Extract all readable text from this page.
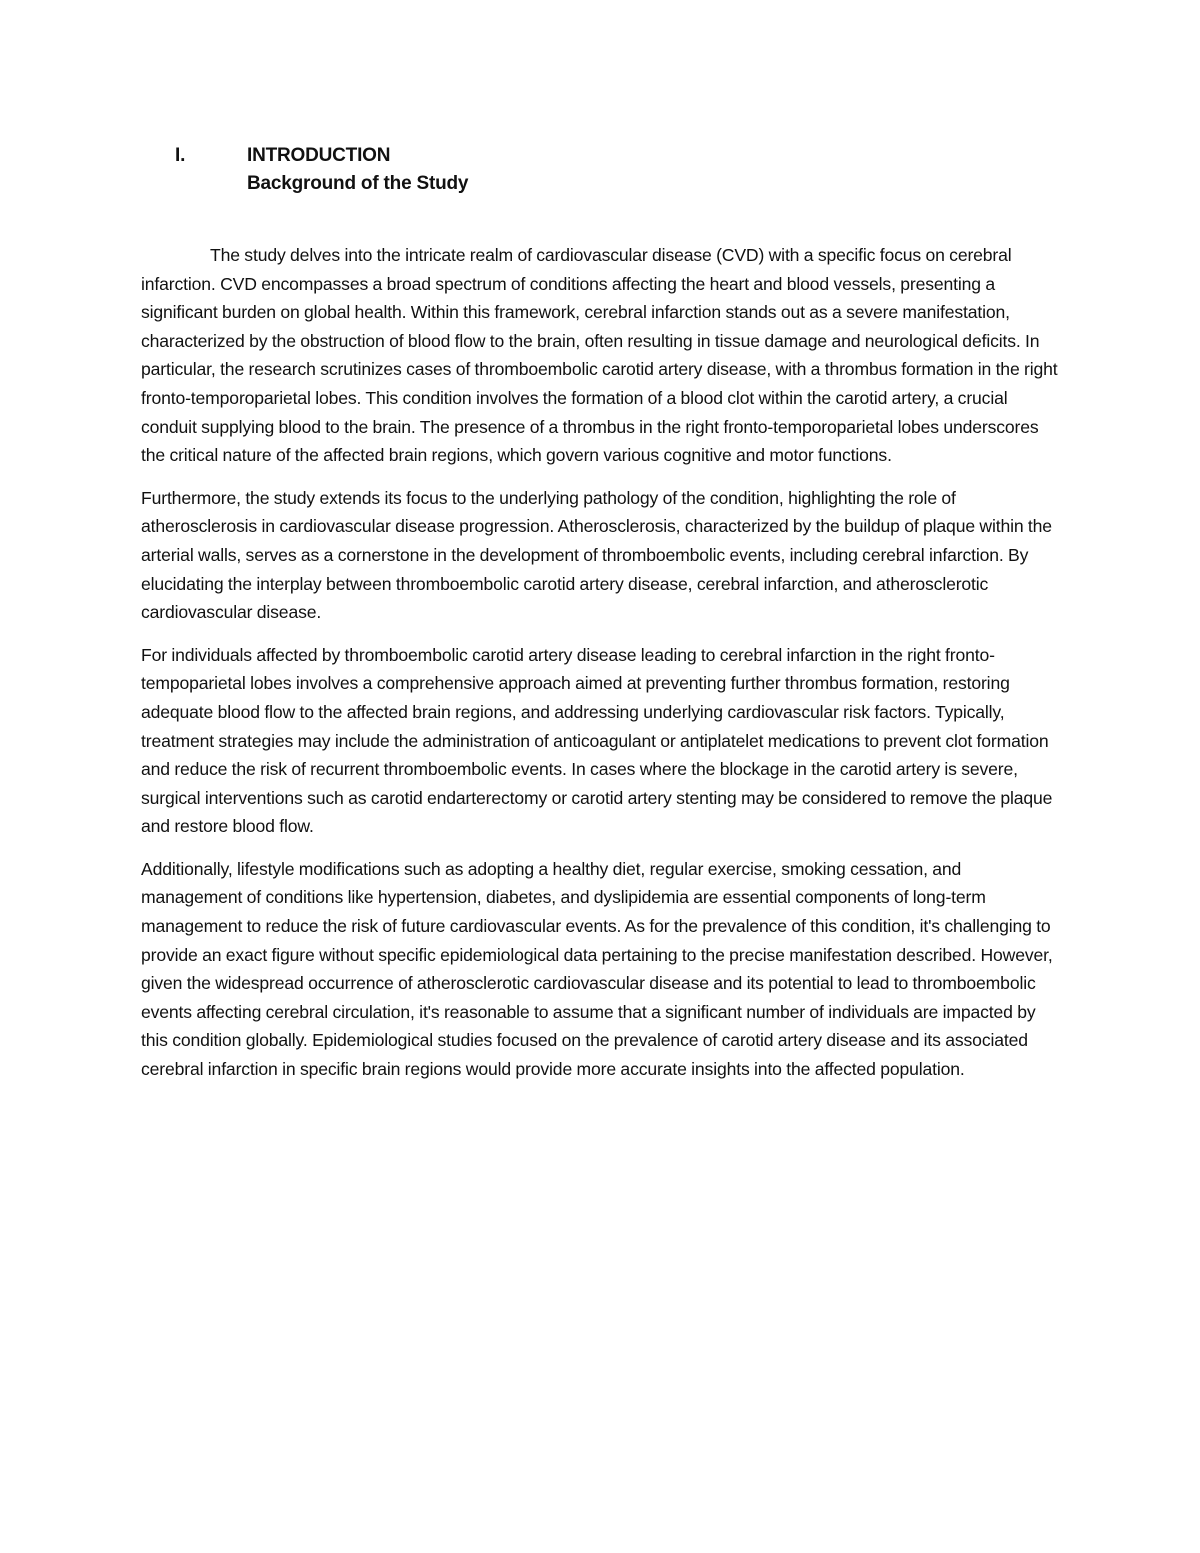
I.	INTRODUCTION
Background of the Study

The study delves into the intricate realm of cardiovascular disease (CVD) with a specific focus on cerebral infarction. CVD encompasses a broad spectrum of conditions affecting the heart and blood vessels, presenting a significant burden on global health. Within this framework, cerebral infarction stands out as a severe manifestation, characterized by the obstruction of blood flow to the brain, often resulting in tissue damage and neurological deficits. In particular, the research scrutinizes cases of thromboembolic carotid artery disease, with a thrombus formation in the right fronto-temporoparietal lobes. This condition involves the formation of a blood clot within the carotid artery, a crucial conduit supplying blood to the brain. The presence of a thrombus in the right fronto-temporoparietal lobes underscores the critical nature of the affected brain regions, which govern various cognitive and motor functions.

Furthermore, the study extends its focus to the underlying pathology of the condition, highlighting the role of atherosclerosis in cardiovascular disease progression. Atherosclerosis, characterized by the buildup of plaque within the arterial walls, serves as a cornerstone in the development of thromboembolic events, including cerebral infarction. By elucidating the interplay between thromboembolic carotid artery disease, cerebral infarction, and atherosclerotic cardiovascular disease.

For individuals affected by thromboembolic carotid artery disease leading to cerebral infarction in the right fronto-tempoparietal lobes involves a comprehensive approach aimed at preventing further thrombus formation, restoring adequate blood flow to the affected brain regions, and addressing underlying cardiovascular risk factors. Typically, treatment strategies may include the administration of anticoagulant or antiplatelet medications to prevent clot formation and reduce the risk of recurrent thromboembolic events. In cases where the blockage in the carotid artery is severe, surgical interventions such as carotid endarterectomy or carotid artery stenting may be considered to remove the plaque and restore blood flow.

Additionally, lifestyle modifications such as adopting a healthy diet, regular exercise, smoking cessation, and management of conditions like hypertension, diabetes, and dyslipidemia are essential components of long-term management to reduce the risk of future cardiovascular events. As for the prevalence of this condition, it's challenging to provide an exact figure without specific epidemiological data pertaining to the precise manifestation described. However, given the widespread occurrence of atherosclerotic cardiovascular disease and its potential to lead to thromboembolic events affecting cerebral circulation, it's reasonable to assume that a significant number of individuals are impacted by this condition globally. Epidemiological studies focused on the prevalence of carotid artery disease and its associated cerebral infarction in specific brain regions would provide more accurate insights into the affected population.
